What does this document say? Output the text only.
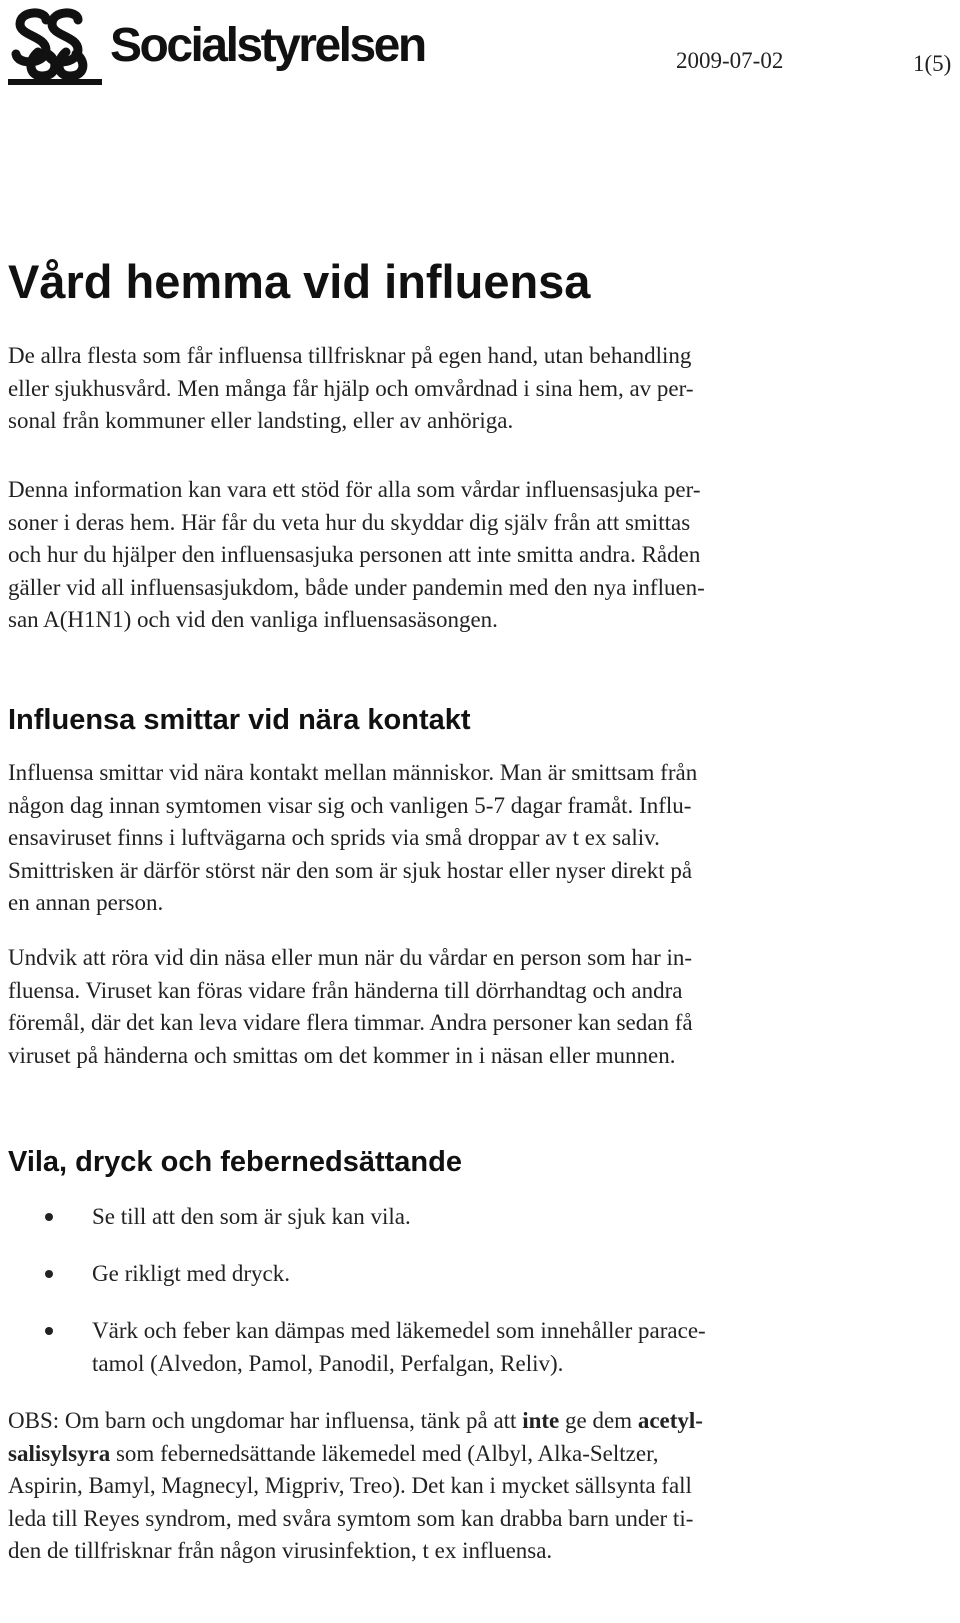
Socialstyrelsen	2009-07-02	1(5)
Vård hemma vid influensa
De allra flesta som får influensa tillfrisknar på egen hand, utan behandling
eller sjukhusvård. Men många får hjälp och omvårdnad i sina hem, av per-
sonal från kommuner eller landsting, eller av anhöriga.
Denna information kan vara ett stöd för alla som vårdar influensasjuka per-
soner i deras hem. Här får du veta hur du skyddar dig själv från att smittas
och hur du hjälper den influensasjuka personen att inte smitta andra. Råden
gäller vid all influensasjukdom, både under pandemin med den nya influen-
san A(H1N1) och vid den vanliga influensasäsongen.
Influensa smittar vid nära kontakt
Influensa smittar vid nära kontakt mellan människor. Man är smittsam från
någon dag innan symtomen visar sig och vanligen 5-7 dagar framåt. Influ-
ensaviruset finns i luftvägarna och sprids via små droppar av t ex saliv.
Smittrisken är därför störst när den som är sjuk hostar eller nyser direkt på
en annan person.
Undvik att röra vid din näsa eller mun när du vårdar en person som har in-
fluensa. Viruset kan föras vidare från händerna till dörrhandtag och andra
föremål, där det kan leva vidare flera timmar. Andra personer kan sedan få
viruset på händerna och smittas om det kommer in i näsan eller munnen.
Vila, dryck och febernedsättande
Se till att den som är sjuk kan vila.
Ge rikligt med dryck.
Värk och feber kan dämpas med läkemedel som innehåller parace-
tamol (Alvedon, Pamol, Panodil, Perfalgan, Reliv).
OBS: Om barn och ungdomar har influensa, tänk på att inte ge dem acetyl-
salisylsyra som febernedsättande läkemedel med (Albyl, Alka-Seltzer,
Aspirin, Bamyl, Magnecyl, Migpriv, Treo). Det kan i mycket sällsynta fall
leda till Reyes syndrom, med svåra symtom som kan drabba barn under ti-
den de tillfrisknar från någon virusinfektion, t ex influensa.
